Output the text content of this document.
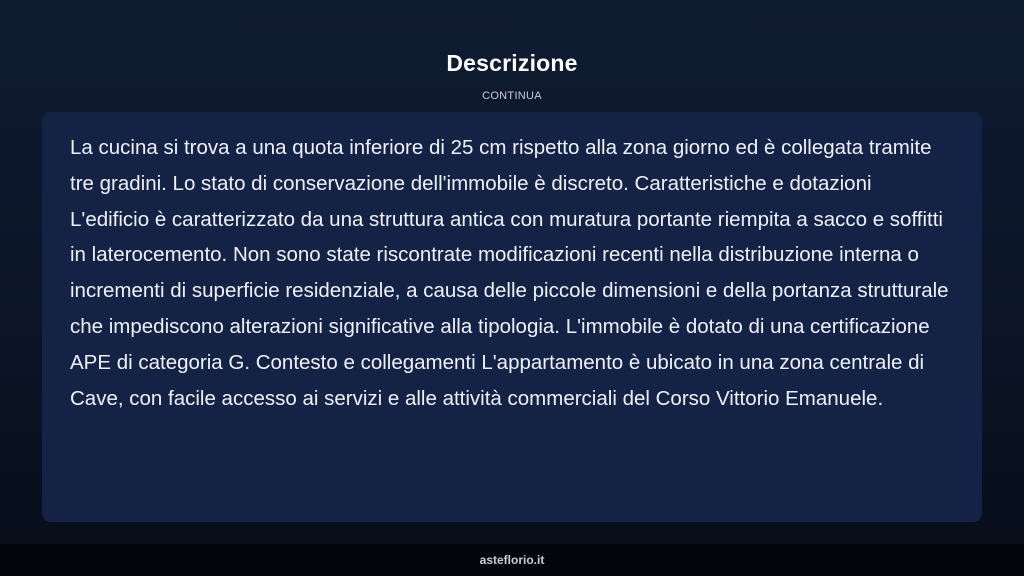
Descrizione
CONTINUA

La cucina si trova a una quota inferiore di 25 cm rispetto alla zona giorno ed è collegata tramite tre gradini. Lo stato di conservazione dell'immobile è discreto. Caratteristiche e dotazioni L'edificio è caratterizzato da una struttura antica con muratura portante riempita a sacco e soffitti in laterocemento. Non sono state riscontrate modificazioni recenti nella distribuzione interna o incrementi di superficie residenziale, a causa delle piccole dimensioni e della portanza strutturale che impediscono alterazioni significative alla tipologia. L'immobile è dotato di una certificazione APE di categoria G. Contesto e collegamenti L'appartamento è ubicato in una zona centrale di Cave, con facile accesso ai servizi e alle attività commerciali del Corso Vittorio Emanuele.

asteflorio.it
